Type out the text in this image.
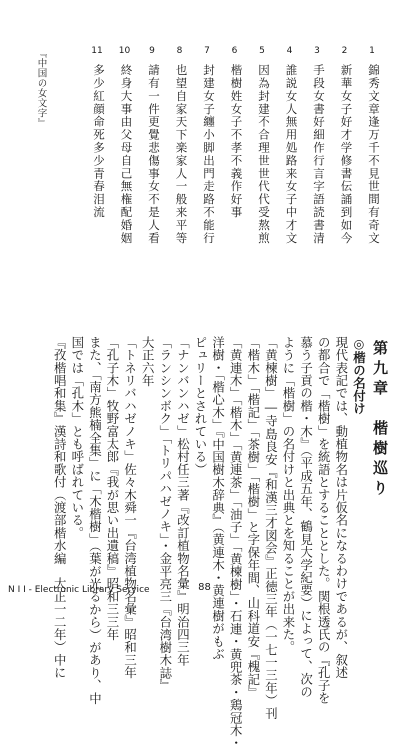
『中国の女文字』	1
錦秀文章逢万千不見世間有奇文
2
新華女子好才学修書伝誦到如今
3
手段女書好細作行言字語読書清
4
誰説女人無用処路来女子中才文
5
因為封建不合理世世代代受熬煎
6
楷樹姓女子不孝不義作好事
7
封建女子纏小脚出門走路不能行
8
也望自家天下楽家人一般来平等
9
請有一件更覺悲傷事女不是人看
10
終身大事由父母自己無権配婚姻
11
多少紅顔命死多少青春泪流
第九章　楷樹巡り
◎楷の名付け
現代表記では、動植物名は片仮名になるわけであるが、叙述
の都合で「楷樹」を統語とすることとした。関根透氏の『孔子を
慕う子貢の楷・木』（平成五年、鶴見大学紀要）によって、次の
ように「楷樹」の名付けと出典とを知ることが出来た。
「黄楝樹」―寺島良安『和漢三才図会』正徳三年（一七一三年）刊
「楷木」「楷記」「茶樹」「楷樹」と字保年間、山科道安『槐記』
「黄連木」「楷木」「黄連茶」「油子」「黄楝樹」・石連・黄兜茶・鶏冠木・
洋樹・「楷心木」『中国樹木辞典』（黄連木・黄連樹がもぶ
ピュリーとされている）
「ナンバンハゼ」松村任三著『改訂植物名彙』明治四三年
「ランシンボク」「トリパハゼノキ」・金平亮三『台湾樹木誌』
大正六年
「トネリバハゼノキ」佐々木舜一『台湾植物名彙』昭和三年
「孔子木」牧野富太郎『我が思い出遺稿』昭和三三年
また、「南方熊楠全集」に「木楷樹」（葉が光るから）があり、中
国では「孔木」とも呼ばれている。
『孜楷唱和集』漢詩和歌付（渡部楷水編　大正一二年）中に	88
N I I - Electronic Library Service
